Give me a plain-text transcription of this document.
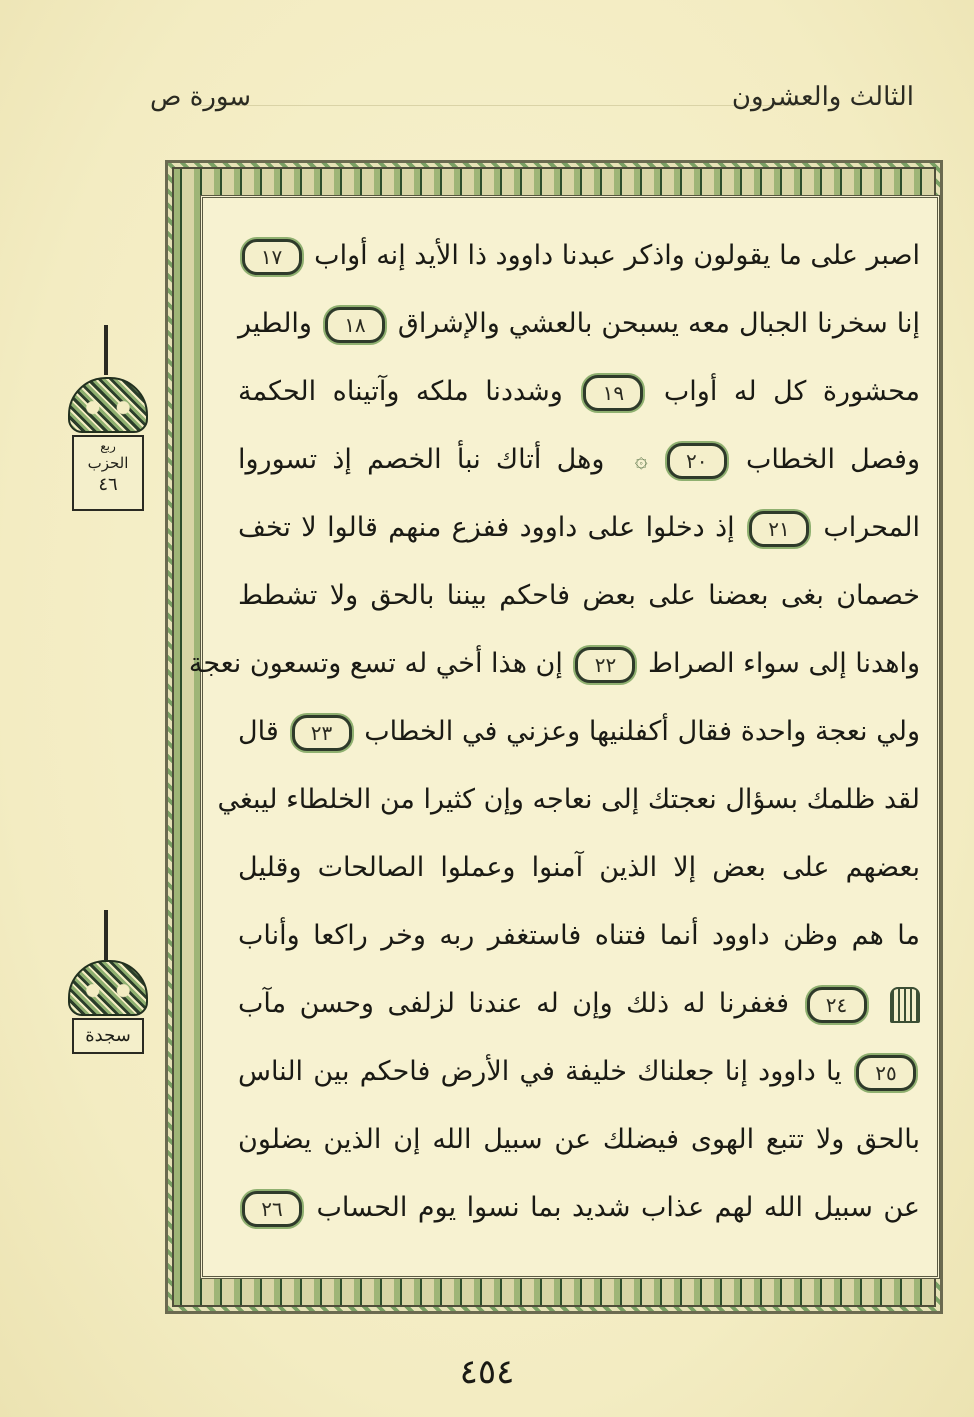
الثالث والعشرون
سورة ص
اصبر على ما يقولون واذكر عبدنا داوود ذا الأيد إنه أواب ١٧
إنا سخرنا الجبال معه يسبحن بالعشي والإشراق ١٨ والطير
محشورة كل له أواب ١٩ وشددنا ملكه وآتيناه الحكمة
وفصل الخطاب ٢٠ ۞ وهل أتاك نبأ الخصم إذ تسوروا
المحراب ٢١ إذ دخلوا على داوود ففزع منهم قالوا لا تخف
خصمان بغى بعضنا على بعض فاحكم بيننا بالحق ولا تشطط
واهدنا إلى سواء الصراط ٢٢ إن هذا أخي له تسع وتسعون نعجة
ولي نعجة واحدة فقال أكفلنيها وعزني في الخطاب ٢٣ قال
لقد ظلمك بسؤال نعجتك إلى نعاجه وإن كثيرا من الخلطاء ليبغي
بعضهم على بعض إلا الذين آمنوا وعملوا الصالحات وقليل
ما هم وظن داوود أنما فتناه فاستغفر ربه وخر راكعا وأناب
٢٤ فغفرنا له ذلك وإن له عندنا لزلفى وحسن مآب
٢٥ يا داوود إنا جعلناك خليفة في الأرض فاحكم بين الناس
بالحق ولا تتبع الهوى فيضلك عن سبيل الله إن الذين يضلون
عن سبيل الله لهم عذاب شديد بما نسوا يوم الحساب ٢٦
ربع
الحزب
٤٦
سجدة
٤٥٤
